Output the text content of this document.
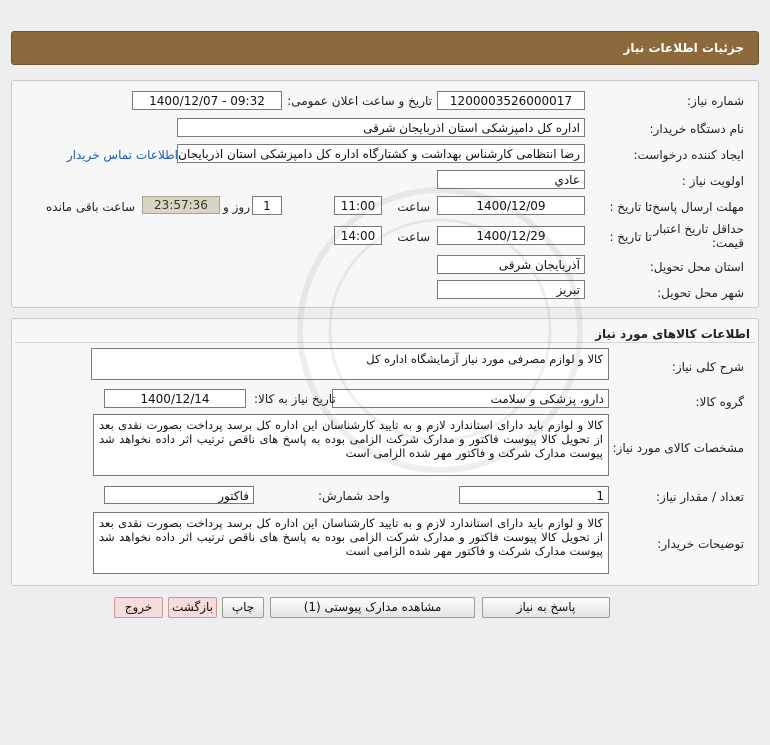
جزئیات اطلاعات نیاز
شماره نیاز:
1200003526000017
تاریخ و ساعت اعلان عمومی:
1400/12/07 - 09:32
نام دستگاه خریدار:
اداره کل دامپزشکی استان اذربایجان شرقی
ایجاد کننده درخواست:
رضا انتظامی کارشناس بهداشت و کشتارگاه اداره کل دامپزشکی استان اذربایجان
اطلاعات تماس خریدار
اولویت نیاز :
عادي
مهلت ارسال پاسخ:
تا تاریخ :
1400/12/09
ساعت
11:00
1
روز و
23:57:36
ساعت باقی مانده
حداقل تاریخ اعتبار
قیمت:
تا تاریخ :
1400/12/29
ساعت
14:00
استان محل تحویل:
آذربایجان شرقی
شهر محل تحویل:
تبریز
اطلاعات کالاهای مورد نیاز
شرح کلی نیاز:
کالا و لوازم مصرفی مورد نیاز آزمایشگاه اداره کل
گروه کالا:
دارو، پزشکی و سلامت
تاریخ نیاز به کالا:
1400/12/14
مشخصات کالای مورد نیاز:
کالا و لوازم باید دارای استاندارد لازم و به تایید کارشناسان این اداره کل برسد پرداخت بصورت نقدی بعد از تحویل کالا پیوست فاکتور و مدارک شرکت الزامی بوده به پاسخ های ناقص ترتیب اثر داده نخواهد شد پیوست مدارک شرکت و فاکتور مهر شده الزامی است
تعداد / مقدار نیاز:
1
واحد شمارش:
فاکتور
توضیحات خریدار:
کالا و لوازم باید دارای استاندارد لازم و به تایید کارشناسان این اداره کل برسد پرداخت بصورت نقدی بعد از تحویل کالا پیوست فاکتور و مدارک شرکت الزامی بوده به پاسخ های ناقص ترتیب اثر داده نخواهد شد پیوست مدارک شرکت و فاکتور مهر شده الزامی است
پاسخ به نیاز
مشاهده مدارک پیوستی (1)
چاپ
بازگشت
خروج
